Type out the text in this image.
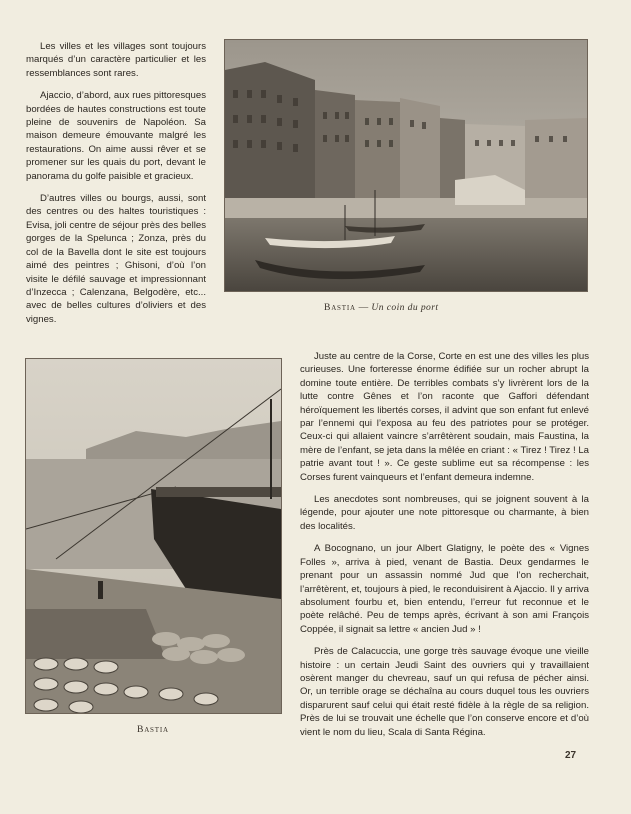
Les villes et les villages sont toujours marqués d’un caractère particulier et les ressemblances sont rares.

Ajaccio, d’abord, aux rues pittoresques bordées de hautes constructions est toute pleine de souvenirs de Napoléon. Sa maison demeure émouvante malgré les restaurations. On aime aussi rêver et se promener sur les quais du port, devant le panorama du golfe paisible et gracieux.

D’autres villes ou bourgs, aussi, sont des centres ou des haltes touristiques : Evisa, joli centre de séjour près des belles gorges de la Spelunca ; Zonza, près du col de la Bavella dont le site est toujours aimé des peintres ; Ghisoni, d’où l’on visite le défilé sauvage et impressionnant d’Inzecca ; Calenzana, Belgodère, etc... avec de belles cultures d’oliviers et des vignes.

Bastia — Un coin du port
Bastia

Juste au centre de la Corse, Corte en est une des villes les plus curieuses. Une forteresse énorme édifiée sur un rocher abrupt la domine toute entière. De terribles combats s’y livrèrent lors de la lutte contre Gênes et l’on raconte que Gaffori défendant héroïquement les libertés corses, il advint que son enfant fut enlevé par l’ennemi qui l’exposa au feu des patriotes pour se protéger. Ceux-ci qui allaient vaincre s’arrêtèrent soudain, mais Faustina, la mère de l’enfant, se jeta dans la mêlée en criant : « Tirez ! Tirez ! La patrie avant tout ! ». Ce geste sublime eut sa récompense : les Corses furent vainqueurs et l’enfant demeura indemne.

Les anecdotes sont nombreuses, qui se joignent souvent à la légende, pour ajouter une note pittoresque ou charmante, à bien des localités.

A Bocognano, un jour Albert Glatigny, le poète des « Vignes Folles », arriva à pied, venant de Bastia. Deux gendarmes le prenant pour un assassin nommé Jud que l’on recherchait, l’arrêtèrent, et, toujours à pied, le reconduisirent à Ajaccio. Il y arriva absolument fourbu et, bien entendu, l’erreur fut reconnue et le poète relâché. Peu de temps après, écrivant à son ami François Coppée, il signait sa lettre « ancien Jud » !

Près de Calacuccia, une gorge très sauvage évoque une vieille histoire : un certain Jeudi Saint des ouvriers qui y travaillaient osèrent manger du chevreau, sauf un qui refusa de pécher ainsi. Or, un terrible orage se déchaîna au cours duquel tous les ouvriers disparurent sauf celui qui était resté fidèle à la règle de sa religion. Près de lui se trouvait une échelle que l’on conserve encore et d’où vient le nom du lieu, Scala di Santa Régina.

27
